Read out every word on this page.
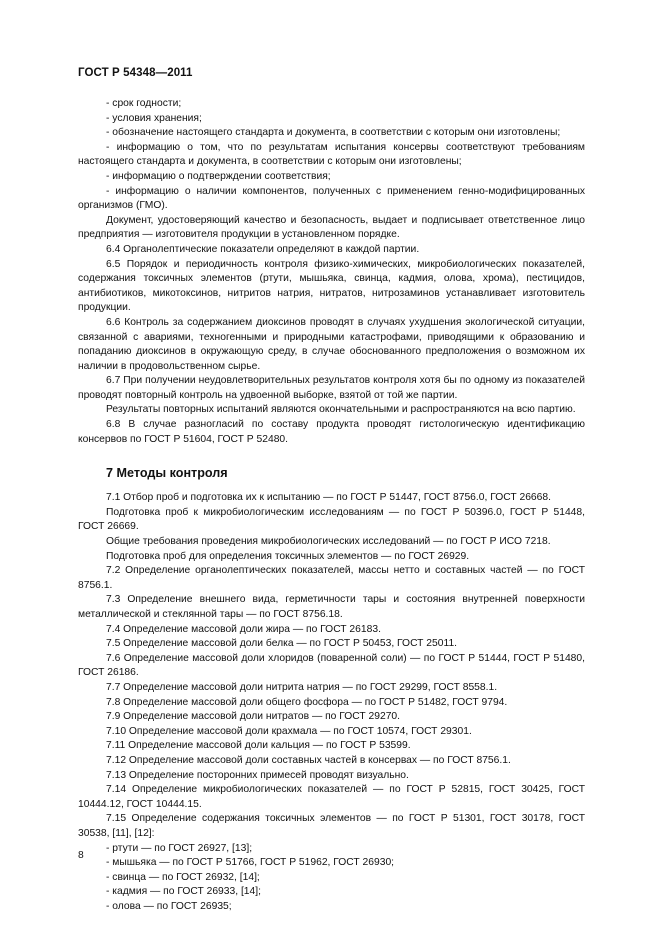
ГОСТ Р 54348—2011

- срок годности;

- условия хранения;

- обозначение настоящего стандарта и документа, в соответствии с которым они изготовлены;

- информацию о том, что по результатам испытания консервы соответствуют требованиям настоящего стандарта и документа, в соответствии с которым они изготовлены;

- информацию о подтверждении соответствия;

- информацию о наличии компонентов, полученных с применением генно-модифицированных организмов (ГМО).

Документ, удостоверяющий качество и безопасность, выдает и подписывает ответственное лицо предприятия — изготовителя продукции в установленном порядке.

6.4 Органолептические показатели определяют в каждой партии.

6.5 Порядок и периодичность контроля физико-химических, микробиологических показателей, содержания токсичных элементов (ртути, мышьяка, свинца, кадмия, олова, хрома), пестицидов, антибиотиков, микотоксинов, нитритов натрия, нитратов, нитрозаминов устанавливает изготовитель продукции.

6.6 Контроль за содержанием диоксинов проводят в случаях ухудшения экологической ситуации, связанной с авариями, техногенными и природными катастрофами, приводящими к образованию и попаданию диоксинов в окружающую среду, в случае обоснованного предположения о возможном их наличии в продовольственном сырье.

6.7 При получении неудовлетворительных результатов контроля хотя бы по одному из показателей проводят повторный контроль на удвоенной выборке, взятой от той же партии.

Результаты повторных испытаний являются окончательными и распространяются на всю партию.

6.8 В случае разногласий по составу продукта проводят гистологическую идентификацию консервов по ГОСТ Р 51604, ГОСТ Р 52480.

7 Методы контроля

7.1 Отбор проб и подготовка их к испытанию — по ГОСТ Р 51447, ГОСТ 8756.0, ГОСТ 26668.

Подготовка проб к микробиологическим исследованиям — по ГОСТ Р 50396.0, ГОСТ Р 51448, ГОСТ 26669.

Общие требования проведения микробиологических исследований — по ГОСТ Р ИСО 7218.

Подготовка проб для определения токсичных элементов — по ГОСТ 26929.

7.2 Определение органолептических показателей, массы нетто и составных частей — по ГОСТ 8756.1.

7.3 Определение внешнего вида, герметичности тары и состояния внутренней поверхности металлической и стеклянной тары — по ГОСТ 8756.18.

7.4 Определение массовой доли жира — по ГОСТ 26183.

7.5 Определение массовой доли белка — по ГОСТ Р 50453, ГОСТ 25011.

7.6 Определение массовой доли хлоридов (поваренной соли) — по ГОСТ Р 51444, ГОСТ Р 51480, ГОСТ 26186.

7.7 Определение массовой доли нитрита натрия — по ГОСТ 29299, ГОСТ 8558.1.

7.8 Определение массовой доли общего фосфора — по ГОСТ Р 51482, ГОСТ 9794.

7.9 Определение массовой доли нитратов — по ГОСТ 29270.

7.10 Определение массовой доли крахмала — по ГОСТ 10574, ГОСТ 29301.

7.11 Определение массовой доли кальция — по ГОСТ Р 53599.

7.12 Определение массовой доли составных частей в консервах — по ГОСТ 8756.1.

7.13 Определение посторонних примесей проводят визуально.

7.14 Определение микробиологических показателей — по ГОСТ Р 52815, ГОСТ 30425, ГОСТ 10444.12, ГОСТ 10444.15.

7.15 Определение содержания токсичных элементов — по ГОСТ Р 51301, ГОСТ 30178, ГОСТ 30538, [11], [12]:

- ртути — по ГОСТ 26927, [13];

- мышьяка — по ГОСТ Р 51766, ГОСТ Р 51962, ГОСТ 26930;

- свинца — по ГОСТ 26932, [14];

- кадмия — по ГОСТ 26933, [14];

- олова — по ГОСТ 26935;

8
